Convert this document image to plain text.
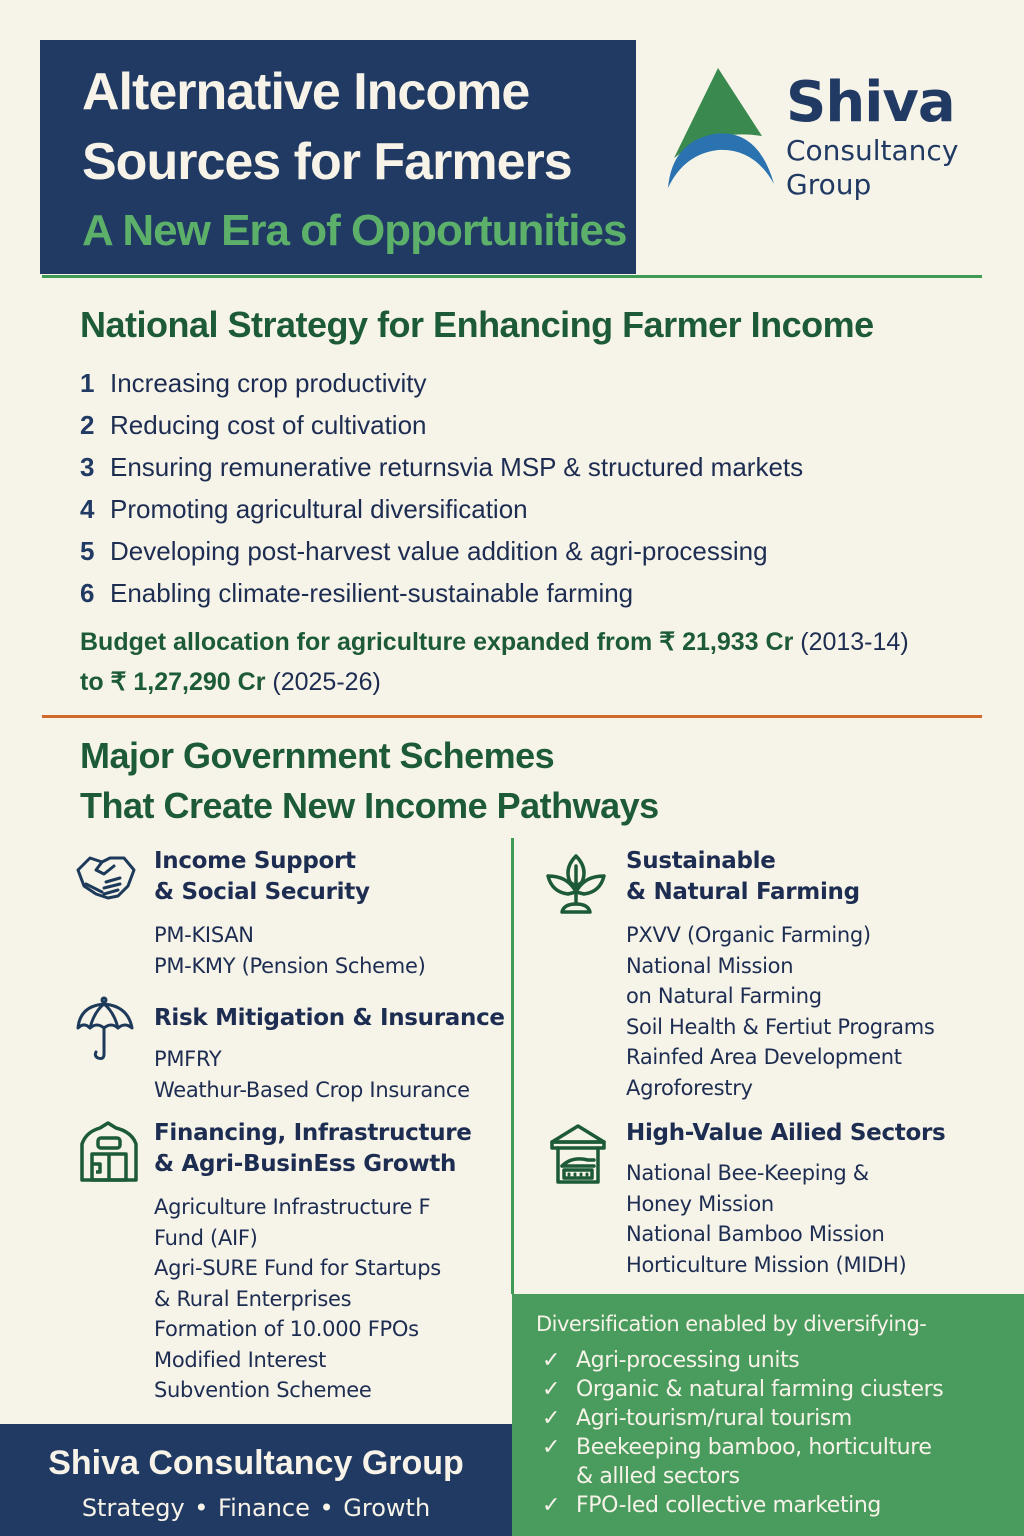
Alternative Income
Sources for Farmers
A New Era of Opportunities
Shiva
Consultancy
Group
National Strategy for Enhancing Farmer Income
1 Increasing crop productivity
2 Reducing cost of cultivation
3 Ensuring remunerative returnsvia MSP & structured markets
4 Promoting agricultural diversification
5 Developing post-harvest value addition & agri-processing
6 Enabling climate-resilient-sustainable farming
Budget allocation for agriculture expanded from ₹ 21,933 Cr (2013-14)
to ₹ 1,27,290 Cr (2025-26)
Major Government Schemes
That Create New Income Pathways
Income Support
& Social Security
PM-KISAN
PM-KMY (Pension Scheme)
Risk Mitigation & Insurance
PMFRY
Weathur-Based Crop Insurance
Financing, Infrastructure
& Agri-BusinEss Growth
Agriculture Infrastructure F
Fund (AIF)
Agri-SURE Fund for Startups
& Rural Enterprises
Formation of 10.000 FPOs
Modified Interest
Subvention Schemee
Sustainable
& Natural Farming
PXVV (Organic Farming)
National Mission
on Natural Farming
Soil Health & Fertiut Programs
Rainfed Area Development
Agroforestry
High-Value Ailied Sectors
National Bee-Keeping &
Honey Mission
National Bamboo Mission
Horticulture Mission (MIDH)
Diversification enabled by diversifying-
✓ Agri-processing units
✓ Organic & natural farming ciusters
✓ Agri-tourism/rural tourism
✓ Beekeeping bamboo, horticulture
& allled sectors
✓ FPO-led collective marketing
Shiva Consultancy Group
Strategy • Finance • Growth
